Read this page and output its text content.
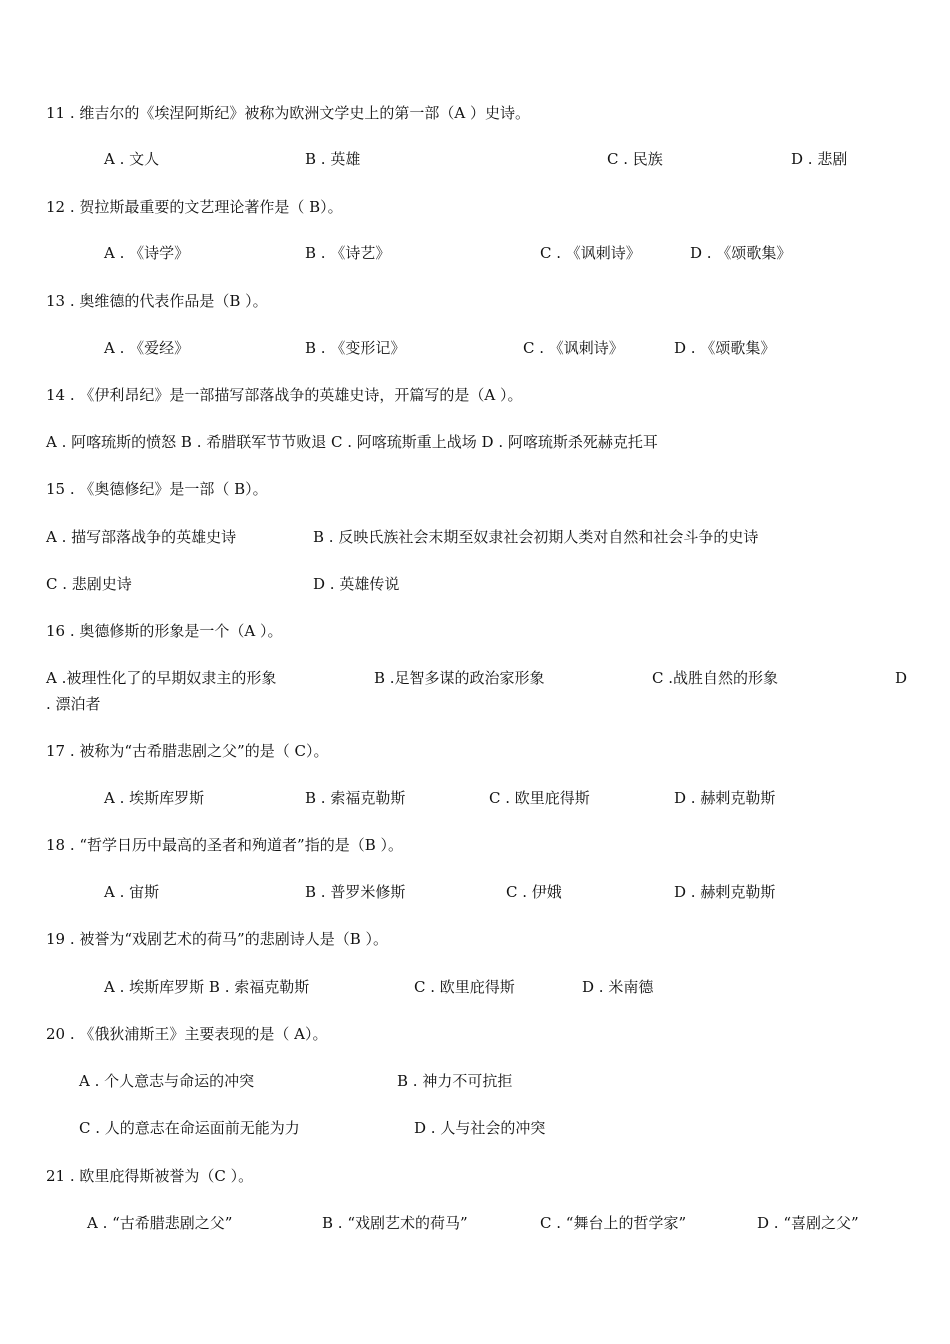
11 . 维吉尔的《埃涅阿斯纪》被称为欧洲文学史上的第一部（A ）史诗。
A . 文人	B . 英雄	C . 民族	D . 悲剧
12 . 贺拉斯最重要的文艺理论著作是（ B）。
A . 《诗学》	B . 《诗艺》	C . 《讽刺诗》	D . 《颂歌集》
13 . 奥维德的代表作品是（B ）。
A . 《爱经》	B . 《变形记》	C . 《讽刺诗》	D . 《颂歌集》
14 . 《伊利昂纪》是一部描写部落战争的英雄史诗，开篇写的是（A ）。
A . 阿喀琉斯的愤怒 B . 希腊联军节节败退 C . 阿喀琉斯重上战场 D . 阿喀琉斯杀死赫克托耳
15 . 《奥德修纪》是一部（ B）。
A . 描写部落战争的英雄史诗	B . 反映氏族社会末期至奴隶社会初期人类对自然和社会斗争的史诗
C . 悲剧史诗	D . 英雄传说
16 . 奥德修斯的形象是一个（A ）。
A .被理性化了的早期奴隶主的形象	B .足智多谋的政治家形象	C .战胜自然的形象	D
. 漂泊者
17 . 被称为“古希腊悲剧之父”的是（ C）。
A . 埃斯库罗斯	B . 索福克勒斯	C . 欧里庇得斯	D . 赫剌克勒斯
18 . “哲学日历中最高的圣者和殉道者”指的是（B ）。
A . 宙斯	B . 普罗米修斯	C . 伊娥	D . 赫剌克勒斯
19 . 被誉为“戏剧艺术的荷马”的悲剧诗人是（B ）。
A . 埃斯库罗斯 B . 索福克勒斯	C . 欧里庇得斯	D . 米南德
20 . 《俄狄浦斯王》主要表现的是（ A）。
A . 个人意志与命运的冲突	B . 神力不可抗拒
C . 人的意志在命运面前无能为力	D . 人与社会的冲突
21 . 欧里庇得斯被誉为（C ）。
A . “古希腊悲剧之父”	B . “戏剧艺术的荷马”	C . “舞台上的哲学家”	D . “喜剧之父”
